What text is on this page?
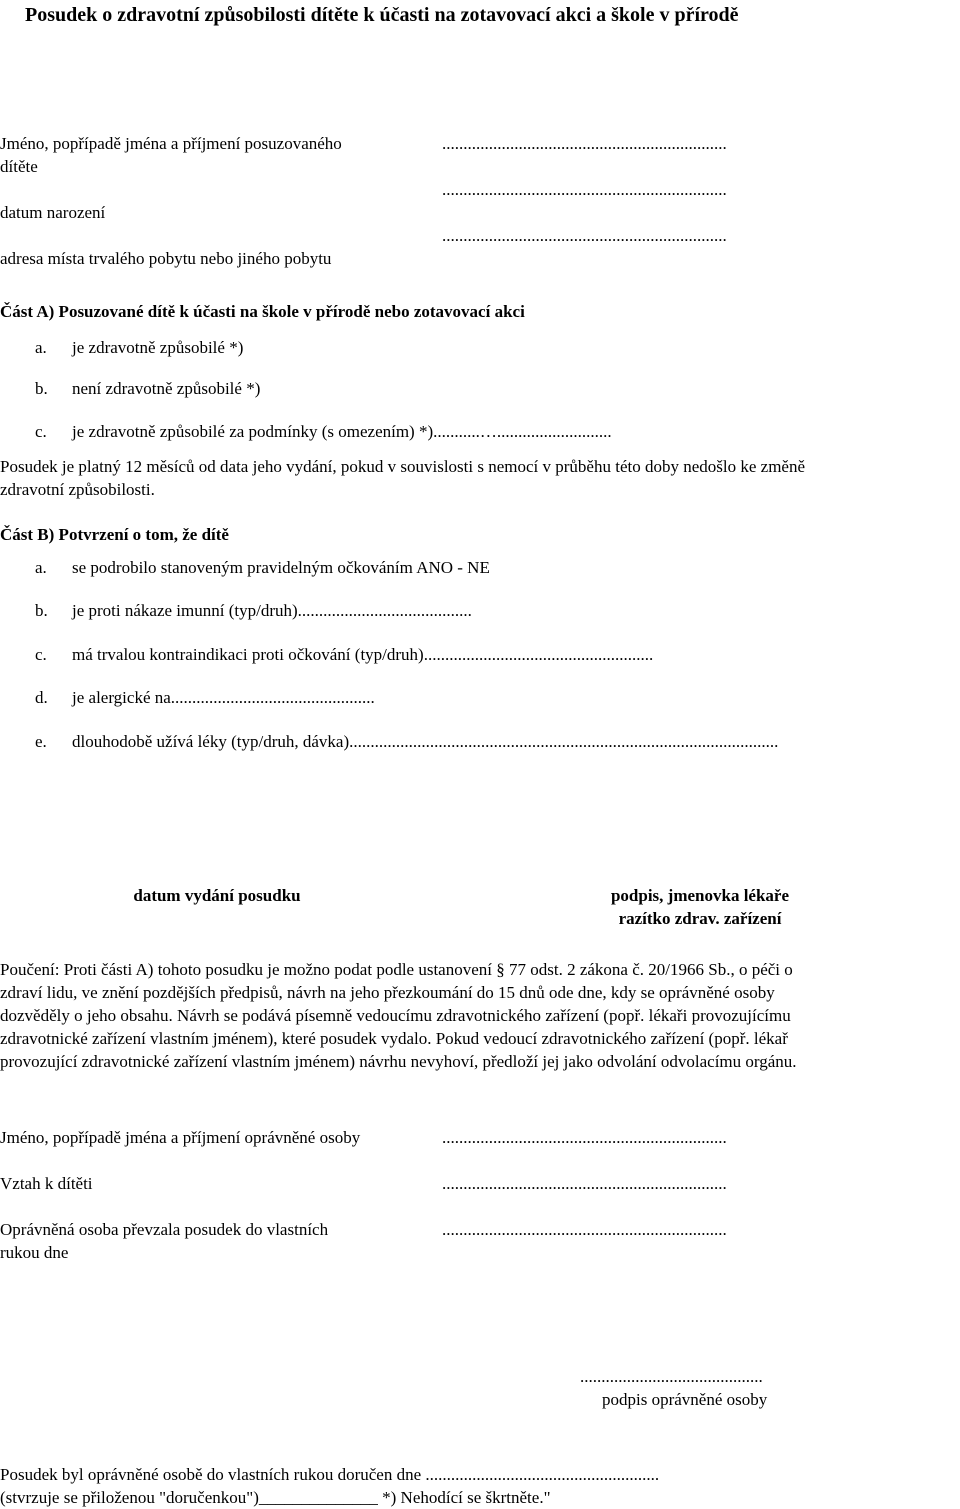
Posudek o zdravotní způsobilosti dítěte k účasti na zotavovací akci a škole v přírodě
Jméno, popřípadě jména a příjmení posuzovaného
dítěte
...................................................................
datum narození
...................................................................
adresa místa trvalého pobytu nebo jiného pobytu
...................................................................
Část A) Posuzované dítě k účasti na škole v přírodě nebo zotavovací akci
a. je zdravotně způsobilé *)
b. není zdravotně způsobilé *)
c. je zdravotně způsobilé za podmínky (s omezením) *)...........…...........................
Posudek je platný 12 měsíců od data jeho vydání, pokud v souvislosti s nemocí v průběhu této doby nedošlo ke změně
zdravotní způsobilosti.
Část B) Potvrzení o tom, že dítě
a. se podrobilo stanoveným pravidelným očkováním ANO - NE
b. je proti nákaze imunní (typ/druh).........................................
c. má trvalou kontraindikaci proti očkování (typ/druh)......................................................
d. je alergické na................................................
e. dlouhodobě užívá léky (typ/druh, dávka).....................................................................................................
datum vydání posudku	podpis, jmenovka lékaře
razítko zdrav. zařízení
Poučení: Proti části A) tohoto posudku je možno podat podle ustanovení § 77 odst. 2 zákona č. 20/1966 Sb., o péči o
zdraví lidu, ve znění pozdějších předpisů, návrh na jeho přezkoumání do 15 dnů ode dne, kdy se oprávněné osoby
dozvěděly o jeho obsahu. Návrh se podává písemně vedoucímu zdravotnického zařízení (popř. lékaři provozujícímu
zdravotnické zařízení vlastním jménem), které posudek vydalo. Pokud vedoucí zdravotnického zařízení (popř. lékař
provozující zdravotnické zařízení vlastním jménem) návrhu nevyhoví, předloží jej jako odvolání odvolacímu orgánu.
Jméno, popřípadě jména a příjmení oprávněné osoby	...................................................................
Vztah k dítěti	...................................................................
Oprávněná osoba převzala posudek do vlastních
rukou dne
...................................................................
...........................................
podpis oprávněné osoby
Posudek byl oprávněné osobě do vlastních rukou doručen dne .......................................................
(stvrzuje se přiloženou "doručenkou")______________ *) Nehodící se škrtněte."
